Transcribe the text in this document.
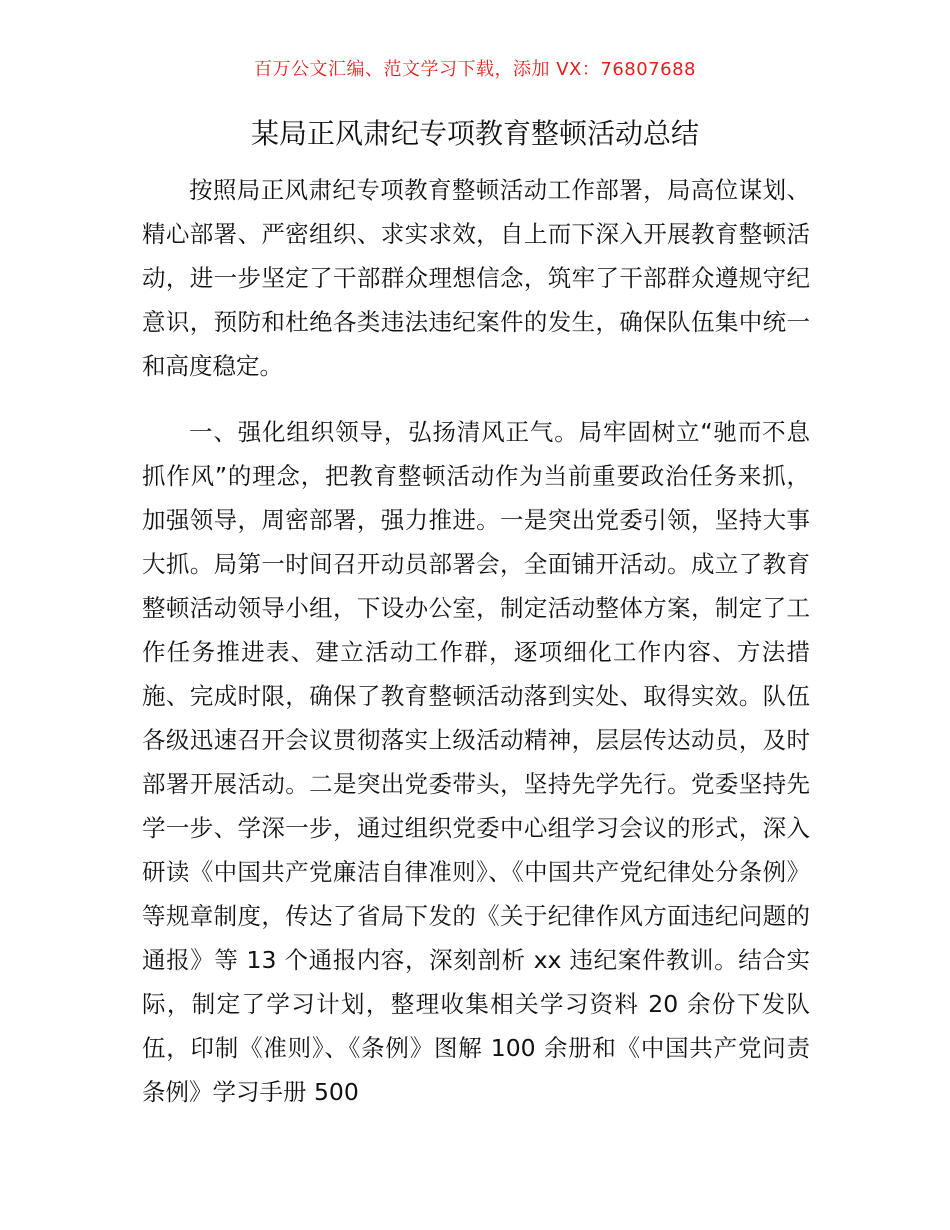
百万公文汇编、范文学习下载，添加 VX：76807688
某局正风肃纪专项教育整顿活动总结

按照局正风肃纪专项教育整顿活动工作部署，局高位谋划、精心部署、严密组织、求实求效，自上而下深入开展教育整顿活动，进一步坚定了干部群众理想信念，筑牢了干部群众遵规守纪意识，预防和杜绝各类违法违纪案件的发生，确保队伍集中统一和高度稳定。

一、强化组织领导，弘扬清风正气。局牢固树立“驰而不息抓作风”的理念，把教育整顿活动作为当前重要政治任务来抓，加强领导，周密部署，强力推进。一是突出党委引领，坚持大事大抓。局第一时间召开动员部署会，全面铺开活动。成立了教育整顿活动领导小组，下设办公室，制定活动整体方案，制定了工作任务推进表、建立活动工作群，逐项细化工作内容、方法措施、完成时限，确保了教育整顿活动落到实处、取得实效。队伍各级迅速召开会议贯彻落实上级活动精神，层层传达动员，及时部署开展活动。二是突出党委带头，坚持先学先行。党委坚持先学一步、学深一步，通过组织党委中心组学习会议的形式，深入研读《中国共产党廉洁自律准则》、《中国共产党纪律处分条例》等规章制度，传达了省局下发的《关于纪律作风方面违纪问题的通报》等 13 个通报内容，深刻剖析 xx 违纪案件教训。结合实际，制定了学习计划，整理收集相关学习资料 20 余份下发队伍，印制《准则》、《条例》图解 100 余册和《中国共产党问责条例》学习手册 500
